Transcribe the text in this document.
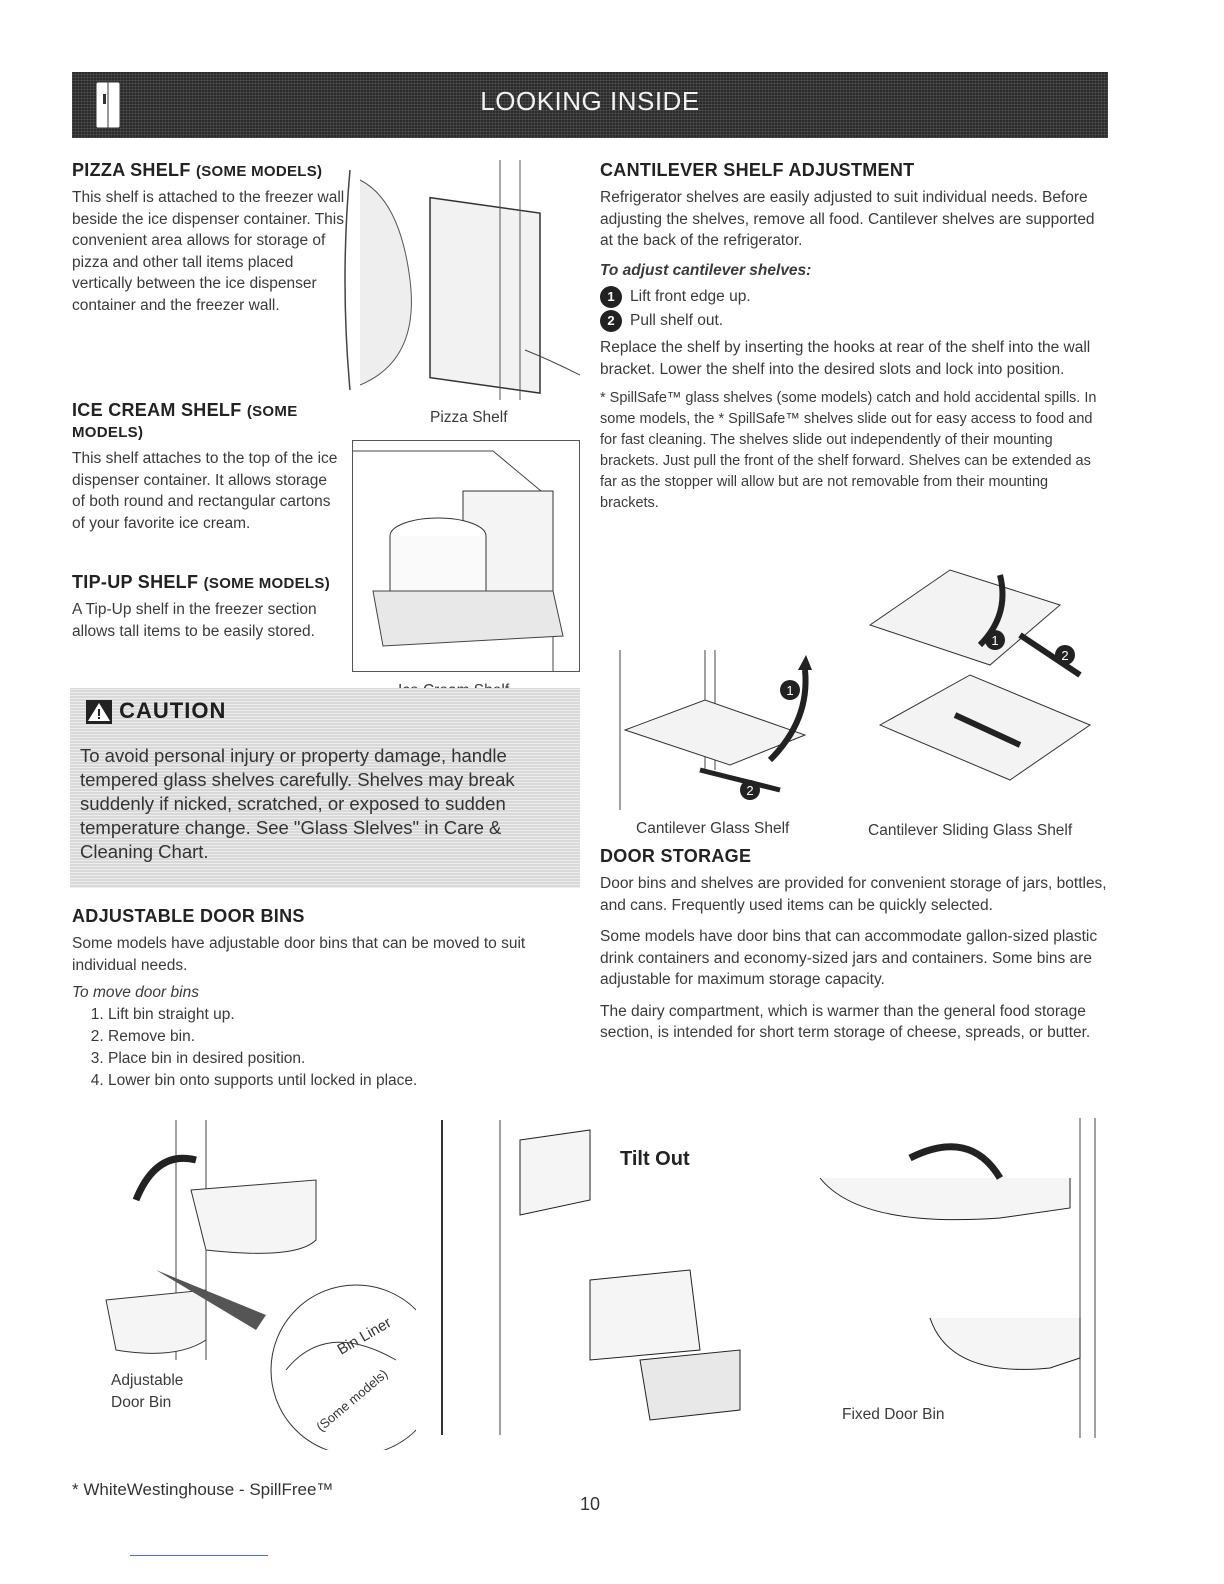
LOOKING INSIDE
PIZZA SHELF (SOME MODELS)

This shelf is attached to the freezer wall beside the ice dispenser container. This convenient area allows for storage of pizza and other tall items placed vertically between the ice dispenser container and the freezer wall.

Pizza Shelf
ICE CREAM SHELF (SOME MODELS)

This shelf attaches to the top of the ice dispenser container. It allows storage of both round and rectangular cartons of your favorite ice cream.

TIP-UP SHELF (SOME MODELS)

A Tip-Up shelf in the freezer section allows tall items to be easily stored.

CAUTION
To avoid personal injury or property damage, handle tempered glass shelves carefully. Shelves may break suddenly if nicked, scratched, or exposed to sudden temperature change. See "Glass Slelves" in Care & Cleaning Chart.
ADJUSTABLE DOOR BINS

Some models have adjustable door bins that can be moved to suit individual needs.

To move door bins

1. Lift bin straight up.
2. Remove bin.
3. Place bin in desired position.
4. Lower bin onto supports until locked in place.
CANTILEVER SHELF ADJUSTMENT

Refrigerator shelves are easily adjusted to suit individual needs. Before adjusting the shelves, remove all food. Cantilever shelves are supported at the back of the refrigerator.

To adjust cantilever shelves:

1 Lift front edge up.
2 Pull shelf out.

Replace the shelf by inserting the hooks at rear of the shelf into the wall bracket. Lower the shelf into the desired slots and lock into position.

* SpillSafe™ glass shelves (some models) catch and hold accidental spills. In some models, the * SpillSafe™ shelves slide out for easy access to food and for fast cleaning. The shelves slide out independently of their mounting brackets. Just pull the front of the shelf forward. Shelves can be extended as far as the stopper will allow but are not removable from their mounting brackets.

1
2
1
2
Cantilever Glass Shelf	Cantilever Sliding Glass Shelf
DOOR STORAGE

Door bins and shelves are provided for convenient storage of jars, bottles, and cans. Frequently used items can be quickly selected.

Some models have door bins that can accommodate gallon-sized plastic drink containers and economy-sized jars and containers. Some bins are adjustable for maximum storage capacity.

The dairy compartment, which is warmer than the general food storage section, is intended for short term storage of cheese, spreads, or butter.

Bin Liner
(Some models)
Adjustable Door Bin
Tilt Out
Fixed Door Bin
* WhiteWestinghouse - SpillFree™
10
